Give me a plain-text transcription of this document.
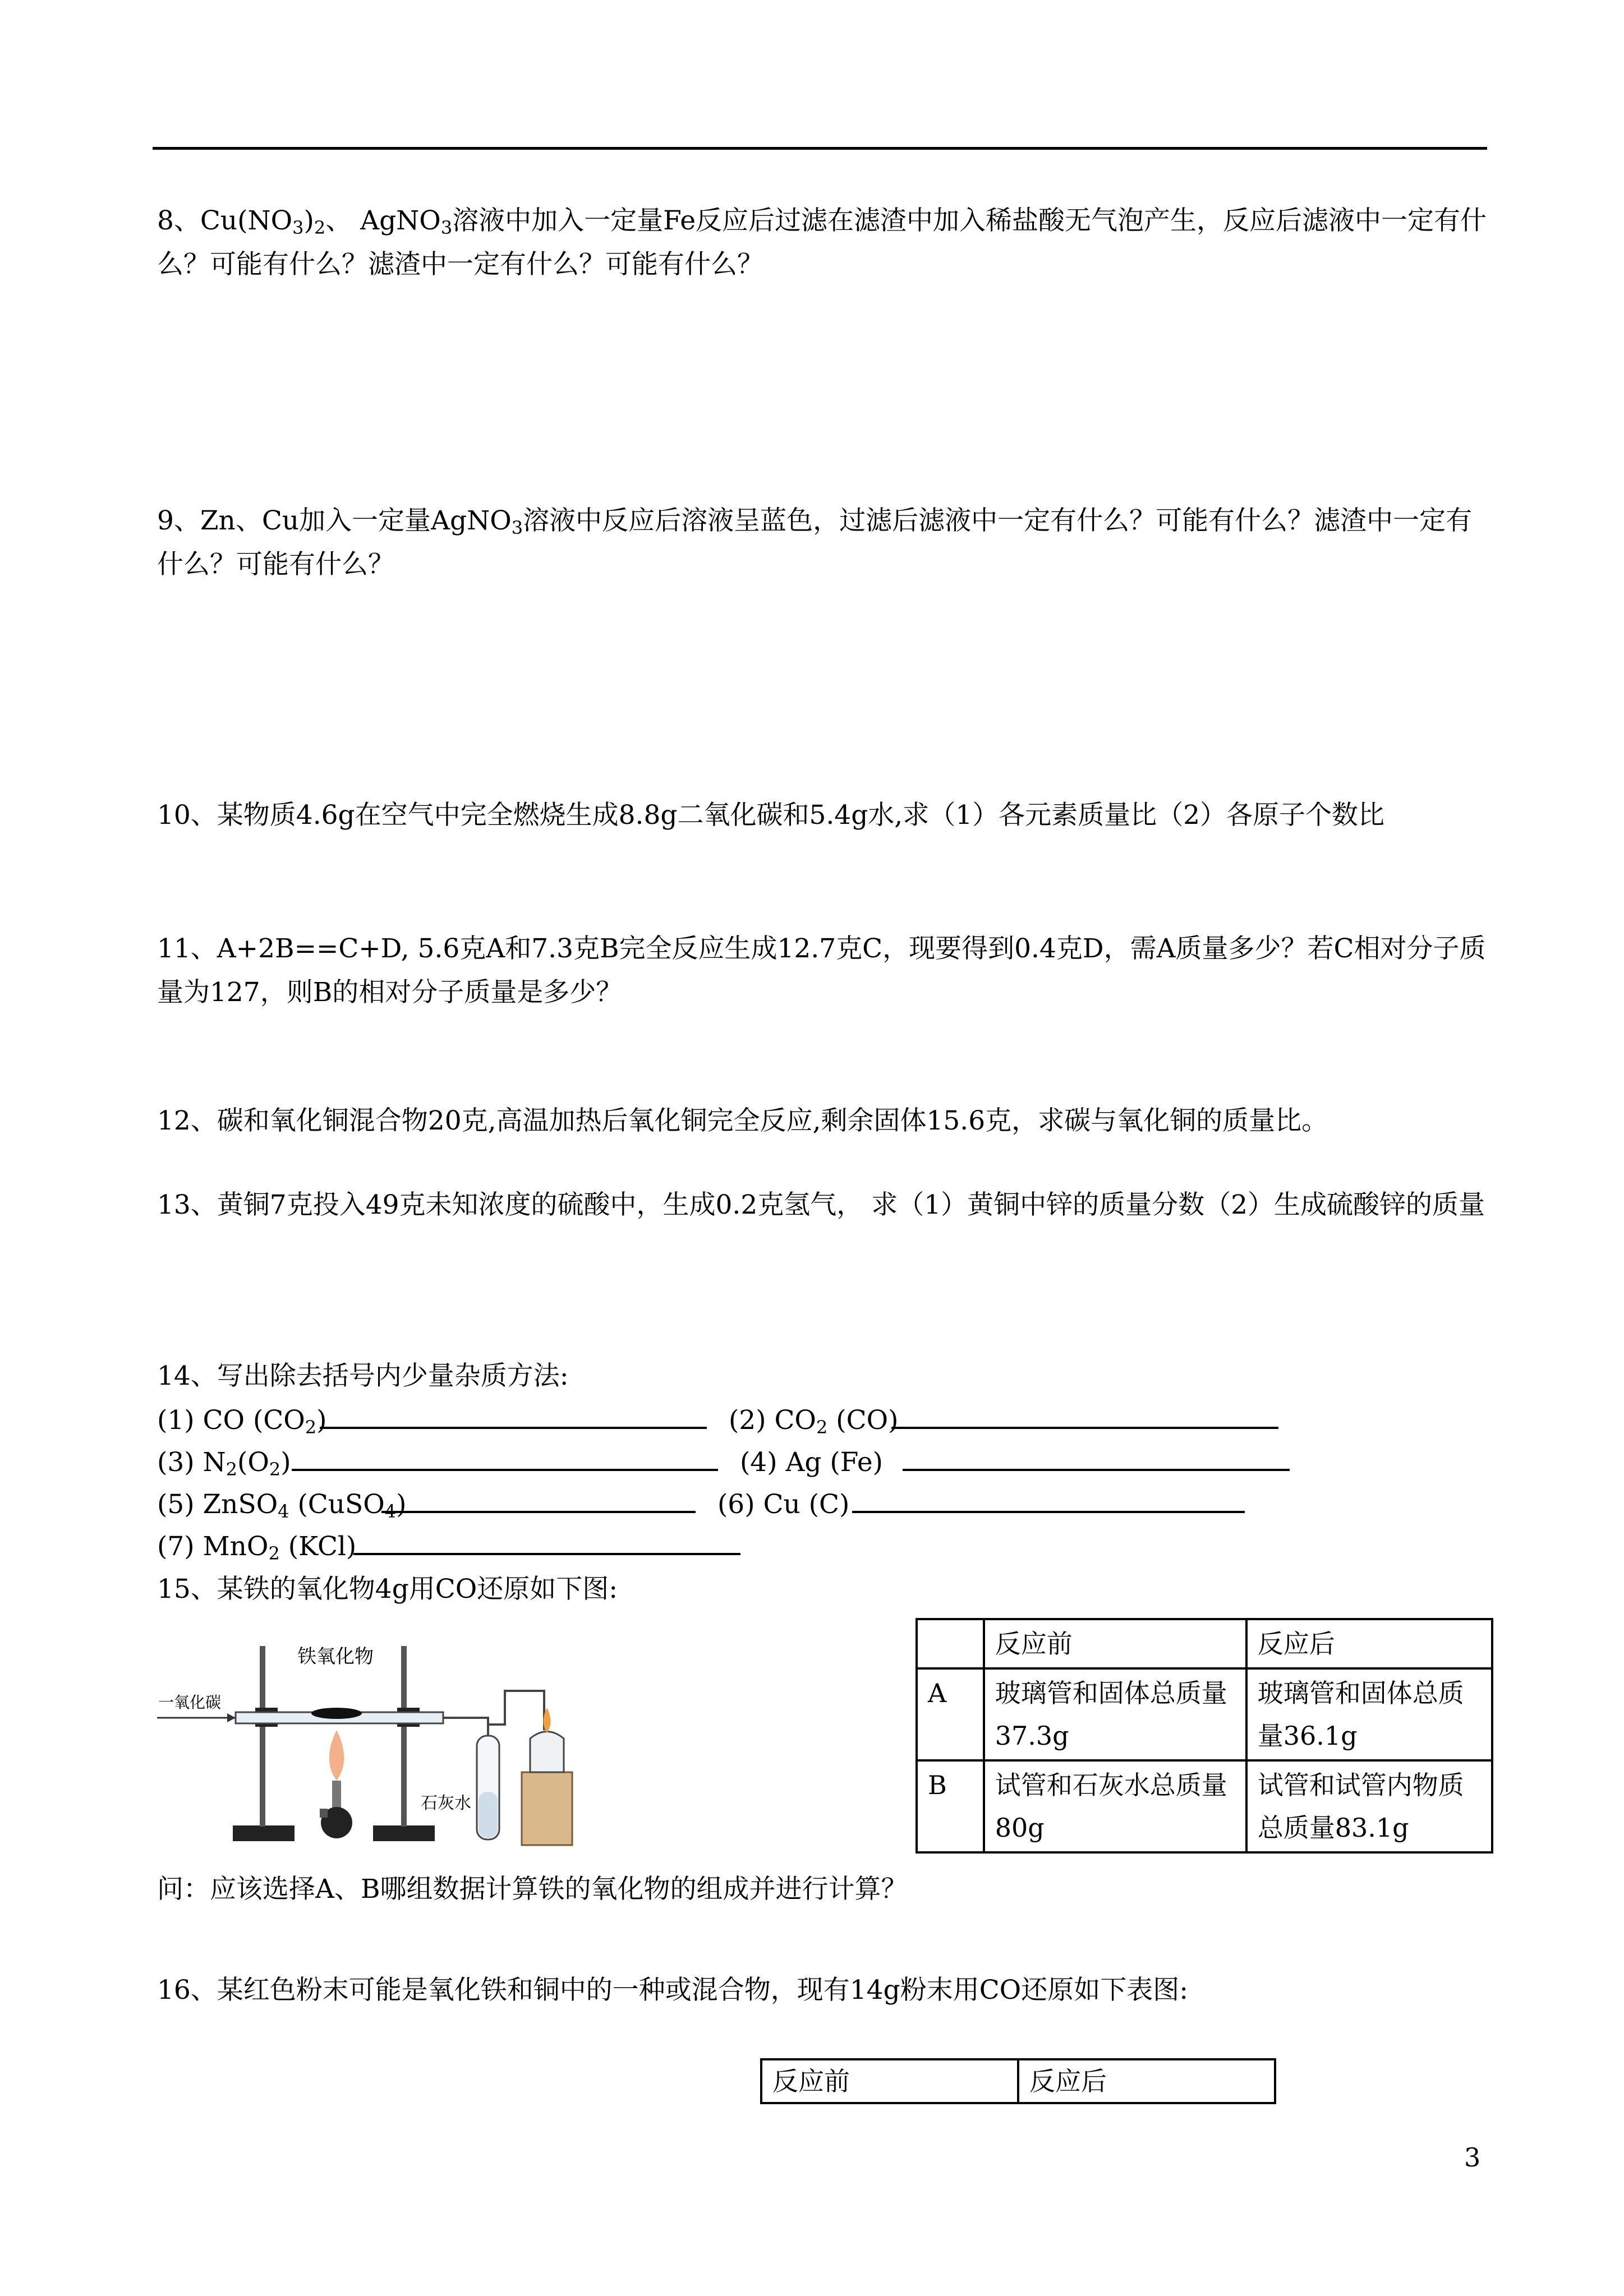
8、$Cu(NO_3)_2$、 AgNO$_3$溶液中加入一定量Fe反应后过滤在滤渣中加入稀盐酸无气泡产生，反应后滤液中一定有什么？可能有什么？滤渣中一定有什么？可能有什么？

9、Zn、Cu加入一定量AgNO$_3$溶液中反应后溶液呈蓝色，过滤后滤液中一定有什么？可能有什么？滤渣中一定有什么？可能有什么？

10、某物质4.6g在空气中完全燃烧生成8.8g二氧化碳和5.4g水,求（1）各元素质量比（2）各原子个数比

11、A+2B==C+D, 5.6克A和7.3克B完全反应生成12.7克C，现要得到0.4克D，需A质量多少？若C相对分子质量为127，则B的相对分子质量是多少？

12、碳和氧化铜混合物20克,高温加热后氧化铜完全反应,剩余固体15.6克，求碳与氧化铜的质量比。

13、黄铜7克投入49克未知浓度的硫酸中，生成0.2克氢气， 求（1）黄铜中锌的质量分数（2）生成硫酸锌的质量

14、写出除去括号内少量杂质方法:
(1) CO $(CO_2)$	(2) $CO_2$ (CO)
(3) $N_2(O_2)$	(4) Ag (Fe)
(5) ZnSO$_4$ (CuSO$_4$)	(6) Cu (C)
(7) MnO$_2$ (KCl)
15、某铁的氧化物4g用CO还原如下图:
铁氧化物
一氧化碳
石灰水
	反应前	反应后
A	玻璃管和固体总质量37.3g	玻璃管和固体总质量36.1g
B	试管和石灰水总质量80g	试管和试管内物质总质量83.1g
问：应该选择A、B哪组数据计算铁的氧化物的组成并进行计算？
16、某红色粉末可能是氧化铁和铜中的一种或混合物，现有14g粉末用CO还原如下表图:
反应前	反应后
3
